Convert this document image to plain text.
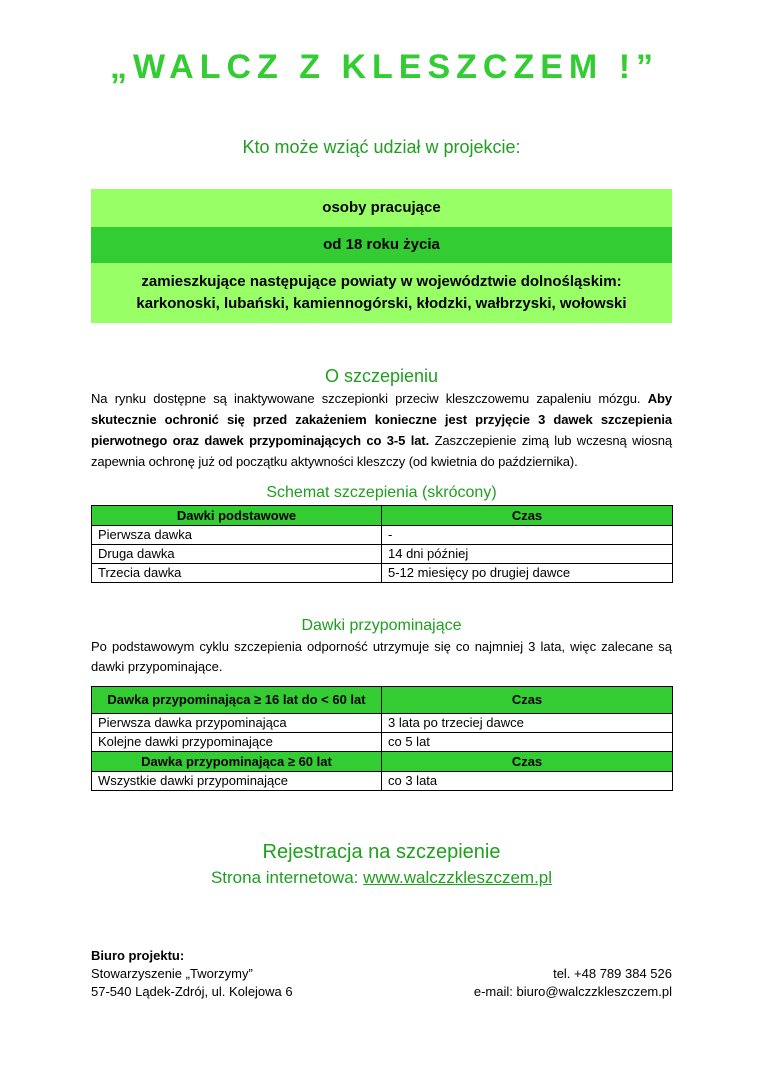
„WALCZ Z KLESZCZEM !”
Kto może wziąć udział w projekcie:
osoby pracujące
od 18 roku życia
zamieszkujące następujące powiaty w województwie dolnośląskim:
karkonoski, lubański, kamiennogórski, kłodzki, wałbrzyski, wołowski
O szczepieniu

Na rynku dostępne są inaktywowane szczepionki przeciw kleszczowemu zapaleniu mózgu. Aby skutecznie ochronić się przed zakażeniem konieczne jest przyjęcie 3 dawek szczepienia pierwotnego oraz dawek przypominających co 3-5 lat. Zaszczepienie zimą lub wczesną wiosną zapewnia ochronę już od początku aktywności kleszczy (od kwietnia do października).

Schemat szczepienia (skrócony)
Dawki podstawowe	Czas
Pierwsza dawka	-
Druga dawka	14 dni później
Trzecia dawka	5-12 miesięcy po drugiej dawce
Dawki przypominające

Po podstawowym cyklu szczepienia odporność utrzymuje się co najmniej 3 lata, więc zalecane są dawki przypominające.

Dawka przypominająca ≥ 16 lat do < 60 lat	Czas
Pierwsza dawka przypominająca	3 lata po trzeciej dawce
Kolejne dawki przypominające	co 5 lat
Dawka przypominająca ≥ 60 lat	Czas
Wszystkie dawki przypominające	co 3 lata
Rejestracja na szczepienie
Strona internetowa: www.walczzkleszczem.pl
Biuro projektu:
Stowarzyszenie „Tworzymy”
57-540 Lądek-Zdrój, ul. Kolejowa 6
tel. +48 789 384 526
e-mail: biuro@walczzkleszczem.pl
